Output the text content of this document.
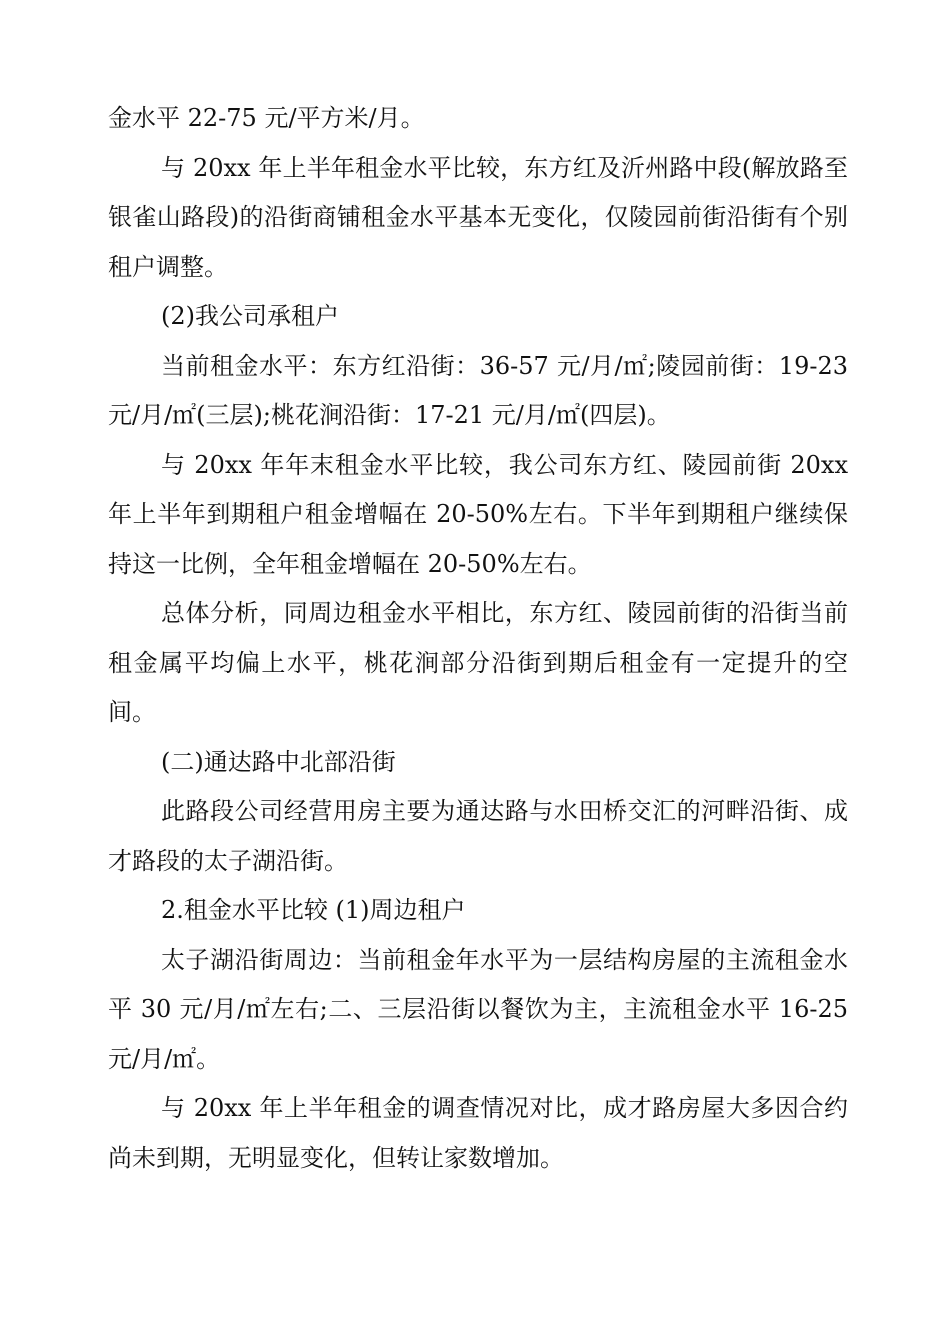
金水平 22-75 元/平方米/月。

与 20xx 年上半年租金水平比较，东方红及沂州路中段(解放路至银雀山路段)的沿街商铺租金水平基本无变化，仅陵园前街沿街有个别租户调整。

(2)我公司承租户

当前租金水平：东方红沿街：36-57 元/月/㎡;陵园前街：19-23 元/月/㎡(三层);桃花涧沿街：17-21 元/月/㎡(四层)。

与 20xx 年年末租金水平比较，我公司东方红、陵园前街 20xx 年上半年到期租户租金增幅在 20-50%左右。下半年到期租户继续保持这一比例，全年租金增幅在 20-50%左右。

总体分析，同周边租金水平相比，东方红、陵园前街的沿街当前租金属平均偏上水平，桃花涧部分沿街到期后租金有一定提升的空间。

(二)通达路中北部沿街

此路段公司经营用房主要为通达路与水田桥交汇的河畔沿街、成才路段的太子湖沿街。

2.租金水平比较 (1)周边租户

太子湖沿街周边：当前租金年水平为一层结构房屋的主流租金水平 30 元/月/㎡左右;二、三层沿街以餐饮为主，主流租金水平 16-25 元/月/㎡。

与 20xx 年上半年租金的调查情况对比，成才路房屋大多因合约尚未到期，无明显变化，但转让家数增加。
